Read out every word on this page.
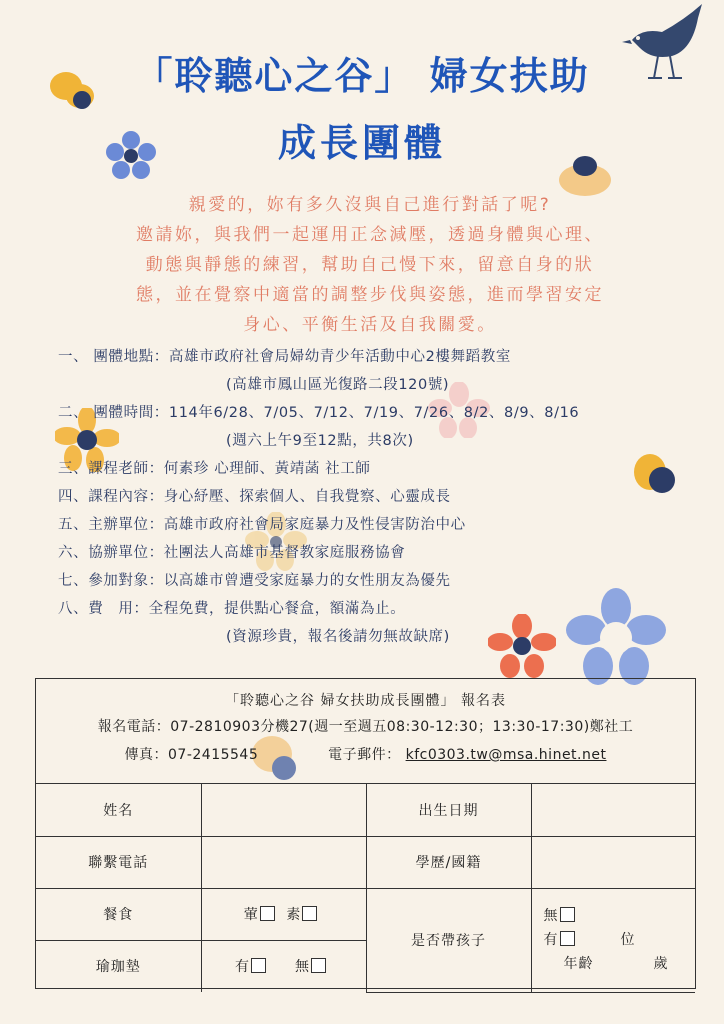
「聆聽心之谷」 婦女扶助
成長團體
親愛的，妳有多久沒與自己進行對話了呢?
邀請妳，與我們一起運用正念減壓，透過身體與心理、
動態與靜態的練習，幫助自己慢下來，留意自身的狀
態，並在覺察中適當的調整步伐與姿態，進而學習安定
身心、平衡生活及自我關愛。
一、 團體地點：高雄市政府社會局婦幼青少年活動中心2樓舞蹈教室
(高雄市鳳山區光復路二段120號)
二、 團體時間：114年6/28、7/05、7/12、7/19、7/26、8/2、8/9、8/16
(週六上午9至12點，共8次)
三、課程老師：何素珍 心理師、黃靖菡 社工師
四、課程內容：身心紓壓、探索個人、自我覺察、心靈成長
五、主辦單位：高雄市政府社會局家庭暴力及性侵害防治中心
六、協辦單位：社團法人高雄市基督教家庭服務協會
七、參加對象：以高雄市曾遭受家庭暴力的女性朋友為優先
八、費　用：全程免費，提供點心餐盒，額滿為止。
(資源珍貴，報名後請勿無故缺席)
「聆聽心之谷 婦女扶助成長團體」 報名表
報名電話：07-2810903分機27(週一至週五08:30-12:30；13:30-17:30)鄭社工
傳真：07-2415545	電子郵件： kfc0303.tw@msa.hinet.net
姓名		出生日期	
聯繫電話		學歷/國籍	
餐食	葷 素	是否帶孩子	無
有 位
年齡 歲

瑜珈墊	有 無		
